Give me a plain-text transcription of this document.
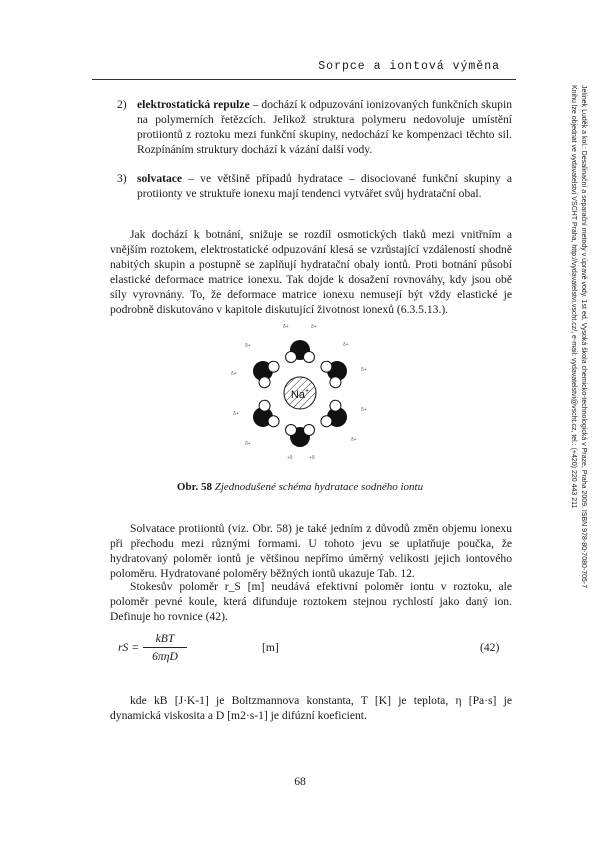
Sorpce a iontová výměna
Jelínek Luděk a kol.: Desalinační a separační metody v úpravě vody. 1st ed. Vysoká škola chemicko-technologická v Praze, Praha 2009. ISBN 978-80-7080-705-7
Knihu lze objednat ve vydavatelství VŠCHT Praha, http://vydavatelstvi.vscht.cz/, e-mail: vydavatelstvi@vscht.cz, tel.: (+420) 220 443 211
2) elektrostatická repulze – dochází k odpuzování ionizovaných funkčních skupin na polymerních řetězcích. Jelikož struktura polymeru nedovoluje umístění protiiontů z roztoku mezi funkční skupiny, nedochází ke kompenzaci těchto sil. Rozpínáním struktury dochází k vázání další vody.
3) solvatace – ve většině případů hydratace – disociované funkční skupiny a protiionty ve struktuře ionexu mají tendenci vytvářet svůj hydratační obal.

Jak dochází k botnání, snižuje se rozdíl osmotických tlaků mezi vnitřním a vnějším roztokem, elektrostatické odpuzování klesá se vzrůstající vzdáleností shodně nabitých skupin a postupně se zaplňují hydratační obaly iontů. Proti botnání působí elastické deformace matrice ionexu. Tak dojde k dosažení rovnováhy, kdy jsou obě síly vyrovnány. To, že deformace matrice ionexu nemusejí být vždy elastické je podrobně diskutováno v kapitole diskutující životnost ionexů (6.3.5.13.).

Na+
δ+	δ+
δ+
δ+
δ+
δ+
+δ
+δ
δ+
δ+
δ+
δ+
Obr. 58 Zjednodušené schéma hydratace sodného iontu

Solvatace protiiontů (viz. Obr. 58) je také jedním z důvodů změn objemu ionexu při přechodu mezi různými formami. U tohoto jevu se uplatňuje poučka, že hydratovaný poloměr iontů je většinou nepřímo úměrný velikosti jejich iontového poloměru. Hydratované poloměry běžných iontů ukazuje Tab. 12.

Stokesův poloměr r_S [m] neudává efektivní poloměr iontu v roztoku, ale poloměr pevné koule, která difunduje roztokem stejnou rychlostí jako daný ion. Definuje ho rovnice (42).

rS =
kBT
6πηD
[m]	(42)

kde kB [J·K-1] je Boltzmannova konstanta, T [K] je teplota, η [Pa·s] je dynamická viskosita a D [m2·s-1] je difúzní koeficient.

68
